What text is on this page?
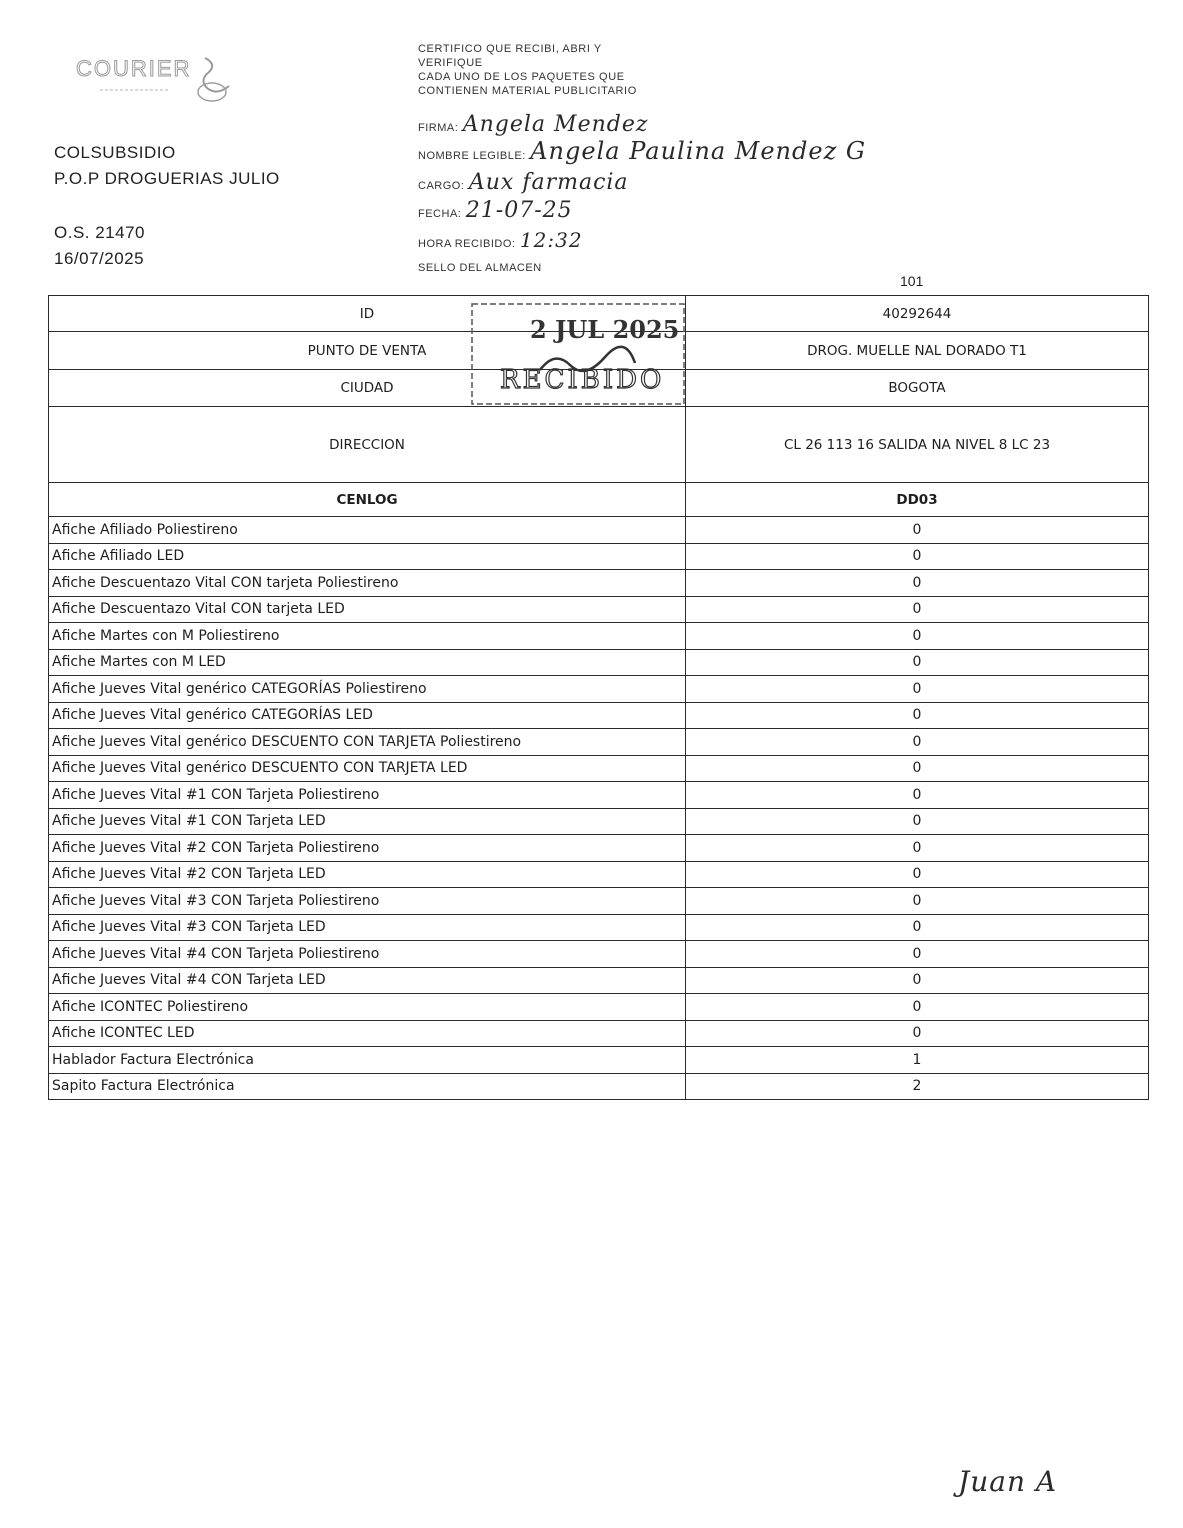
COURIER
COLSUBSIDIO
P.O.P DROGUERIAS JULIO
O.S. 21470
16/07/2025
CERTIFICO QUE RECIBI, ABRI Y
VERIFIQUE
CADA UNO DE LOS PAQUETES QUE
CONTIENEN MATERIAL PUBLICITARIO
FIRMA: Angela Mendez
NOMBRE LEGIBLE: Angela Paulina Mendez G
CARGO: Aux farmacia
FECHA: 21-07-25
HORA RECIBIDO: 12:32
SELLO DEL ALMACEN
101
ID	40292644
PUNTO DE VENTA	DROG. MUELLE NAL DORADO T1
CIUDAD	BOGOTA
DIRECCION	CL 26 113 16 SALIDA NA NIVEL 8 LC 23
CENLOG	DD03
Afiche Afiliado Poliestireno	0
Afiche Afiliado LED	0
Afiche Descuentazo Vital CON tarjeta Poliestireno	0
Afiche Descuentazo Vital CON tarjeta LED	0
Afiche Martes con M Poliestireno	0
Afiche Martes con M LED	0
Afiche Jueves Vital genérico CATEGORÍAS Poliestireno	0
Afiche Jueves Vital genérico CATEGORÍAS LED	0
Afiche Jueves Vital genérico DESCUENTO CON TARJETA Poliestireno	0
Afiche Jueves Vital genérico DESCUENTO CON TARJETA LED	0
Afiche Jueves Vital #1 CON Tarjeta Poliestireno	0
Afiche Jueves Vital #1 CON Tarjeta LED	0
Afiche Jueves Vital #2 CON Tarjeta Poliestireno	0
Afiche Jueves Vital #2 CON Tarjeta LED	0
Afiche Jueves Vital #3 CON Tarjeta Poliestireno	0
Afiche Jueves Vital #3 CON Tarjeta LED	0
Afiche Jueves Vital #4 CON Tarjeta Poliestireno	0
Afiche Jueves Vital #4 CON Tarjeta LED	0
Afiche ICONTEC Poliestireno	0
Afiche ICONTEC LED	0
Hablador Factura Electrónica	1
Sapito Factura Electrónica	2
2 JUL 2025
RECIBIDO
Juan A
